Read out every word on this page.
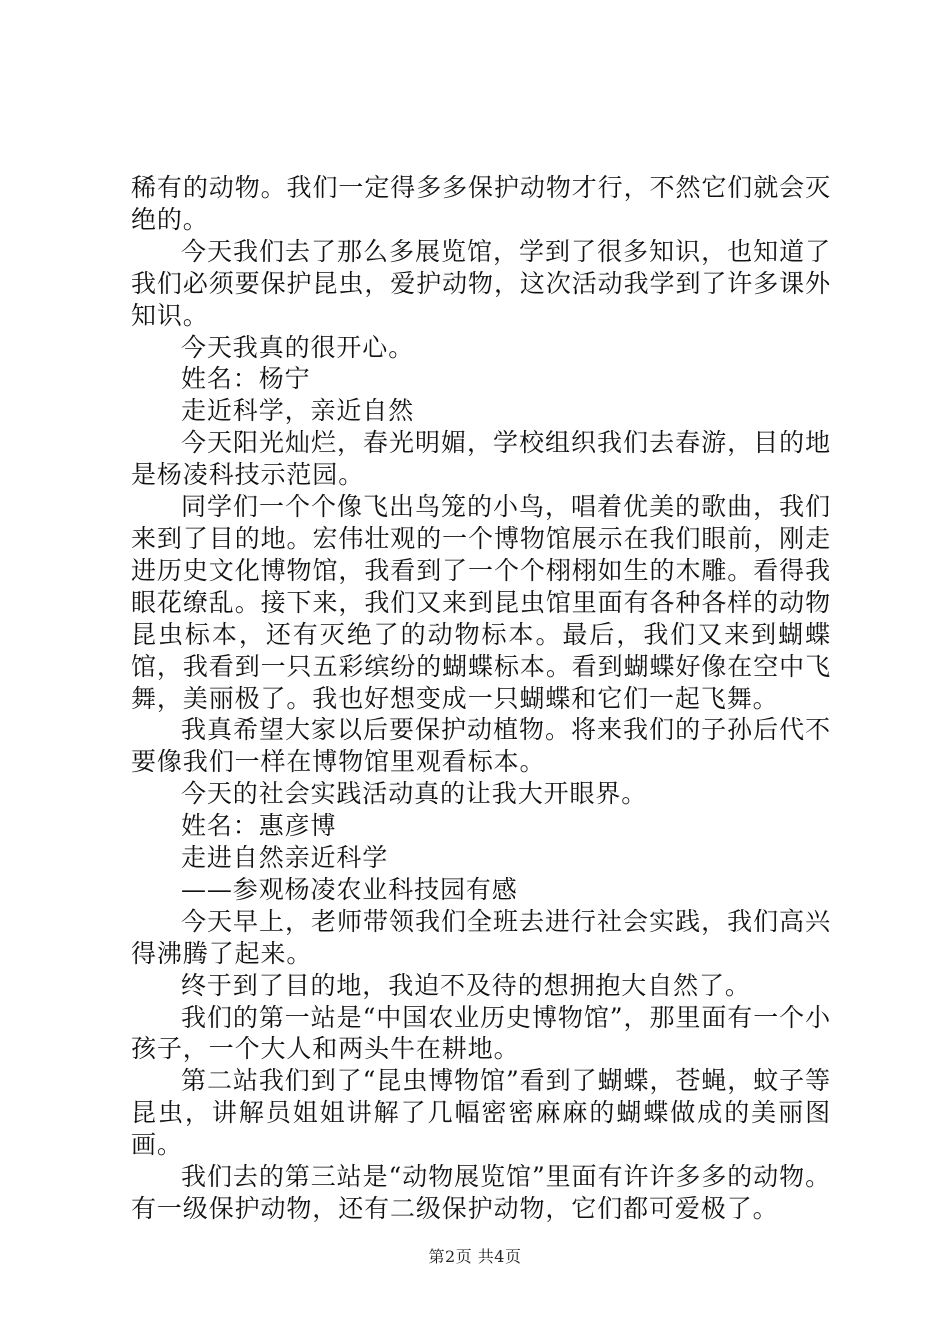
稀有的动物。我们一定得多多保护动物才行，不然它们就会灭绝的。

今天我们去了那么多展览馆，学到了很多知识，也知道了我们必须要保护昆虫，爱护动物，这次活动我学到了许多课外知识。

今天我真的很开心。

姓名：杨宁

走近科学，亲近自然

今天阳光灿烂，春光明媚，学校组织我们去春游，目的地是杨凌科技示范园。

同学们一个个像飞出鸟笼的小鸟，唱着优美的歌曲，我们来到了目的地。宏伟壮观的一个博物馆展示在我们眼前，刚走进历史文化博物馆，我看到了一个个栩栩如生的木雕。看得我眼花缭乱。接下来，我们又来到昆虫馆里面有各种各样的动物昆虫标本，还有灭绝了的动物标本。最后，我们又来到蝴蝶馆，我看到一只五彩缤纷的蝴蝶标本。看到蝴蝶好像在空中飞舞，美丽极了。我也好想变成一只蝴蝶和它们一起飞舞。

我真希望大家以后要保护动植物。将来我们的子孙后代不要像我们一样在博物馆里观看标本。

今天的社会实践活动真的让我大开眼界。

姓名：惠彦博

走进自然亲近科学

——参观杨凌农业科技园有感

今天早上，老师带领我们全班去进行社会实践，我们高兴得沸腾了起来。

终于到了目的地，我迫不及待的想拥抱大自然了。

我们的第一站是“中国农业历史博物馆”，那里面有一个小孩子，一个大人和两头牛在耕地。

第二站我们到了“昆虫博物馆”看到了蝴蝶，苍蝇，蚊子等昆虫，讲解员姐姐讲解了几幅密密麻麻的蝴蝶做成的美丽图画。

我们去的第三站是“动物展览馆”里面有许许多多的动物。有一级保护动物，还有二级保护动物，它们都可爱极了。

第2页 共4页
